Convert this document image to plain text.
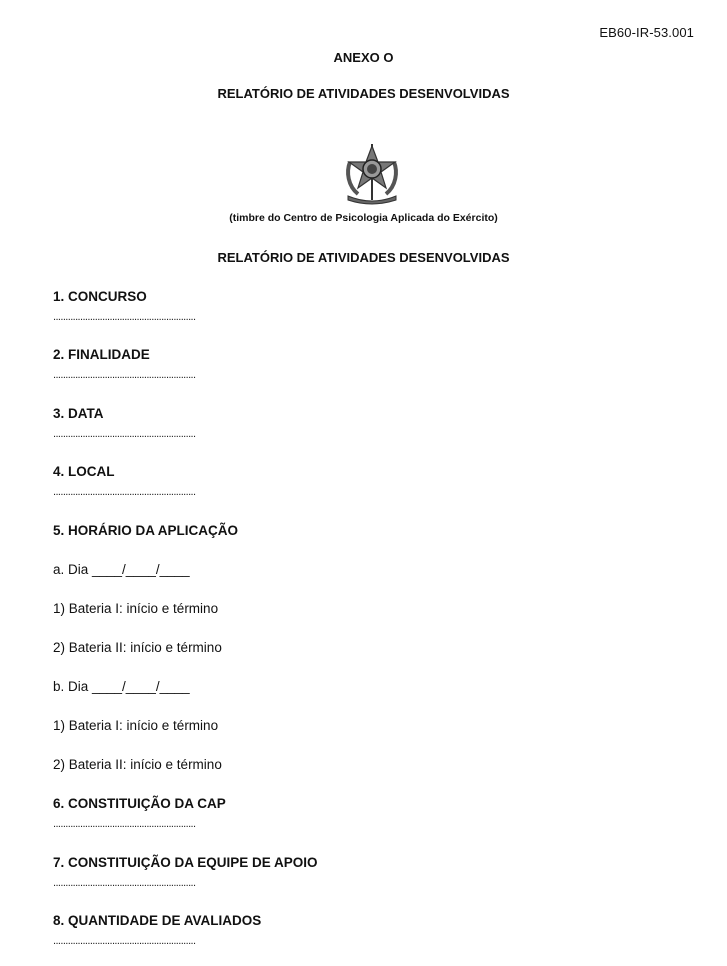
EB60-IR-53.001
ANEXO O
RELATÓRIO DE ATIVIDADES DESENVOLVIDAS
(timbre do Centro de Psicologia Aplicada do Exército)
RELATÓRIO DE ATIVIDADES DESENVOLVIDAS
1. CONCURSO
..........................................................
2. FINALIDADE
..........................................................
3. DATA
..........................................................
4. LOCAL
..........................................................
5. HORÁRIO DA APLICAÇÃO
a. Dia ____/____/____
1) Bateria I: início e término
2) Bateria II: início e término
b. Dia ____/____/____
1) Bateria I: início e término
2) Bateria II: início e término
6. CONSTITUIÇÃO DA CAP
..........................................................
7. CONSTITUIÇÃO DA EQUIPE DE APOIO
..........................................................
8. QUANTIDADE DE AVALIADOS
..........................................................
